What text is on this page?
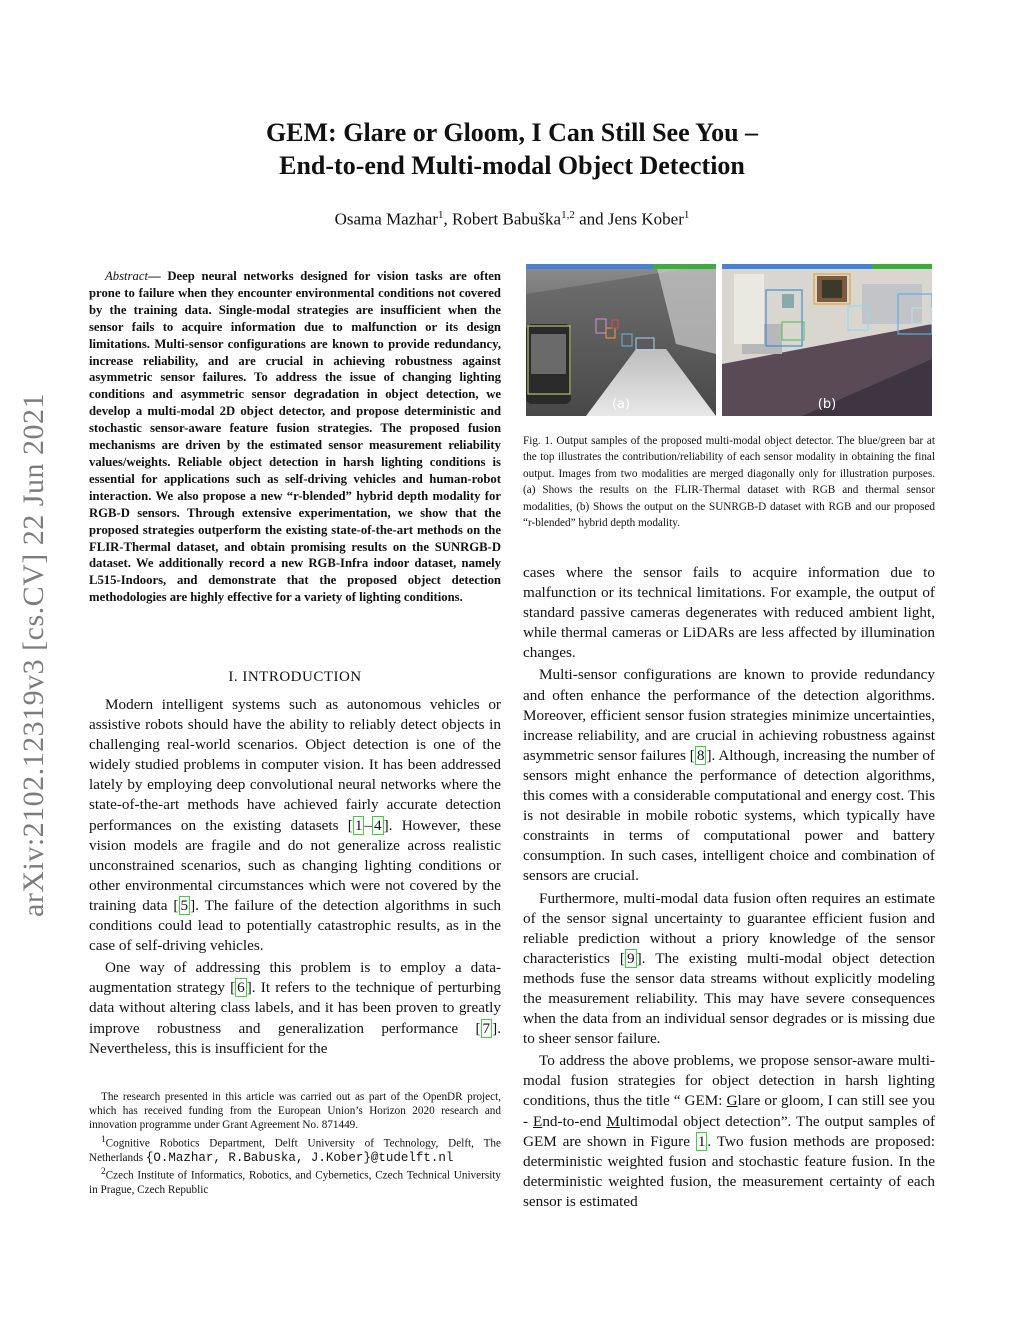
arXiv:2102.12319v3 [cs.CV] 22 Jun 2021
GEM: Glare or Gloom, I Can Still See You –
End-to-end Multi-modal Object Detection
Osama Mazhar$^1$, Robert Babuška$^{1,2}$ and Jens Kober$^1$
Abstract— Deep neural networks designed for vision tasks are often prone to failure when they encounter environmental conditions not covered by the training data. Single-modal strategies are insufficient when the sensor fails to acquire information due to malfunction or its design limitations. Multi-sensor configurations are known to provide redundancy, increase reliability, and are crucial in achieving robustness against asymmetric sensor failures. To address the issue of changing lighting conditions and asymmetric sensor degradation in object detection, we develop a multi-modal 2D object detector, and propose deterministic and stochastic sensor-aware feature fusion strategies. The proposed fusion mechanisms are driven by the estimated sensor measurement reliability values/weights. Reliable object detection in harsh lighting conditions is essential for applications such as self-driving vehicles and human-robot interaction. We also propose a new “r-blended” hybrid depth modality for RGB-D sensors. Through extensive experimentation, we show that the proposed strategies outperform the existing state-of-the-art methods on the FLIR-Thermal dataset, and obtain promising results on the SUNRGB-D dataset. We additionally record a new RGB-Infra indoor dataset, namely L515-Indoors, and demonstrate that the proposed object detection methodologies are highly effective for a variety of lighting conditions.
I. INTRODUCTION

Modern intelligent systems such as autonomous vehicles or assistive robots should have the ability to reliably detect objects in challenging real-world scenarios. Object detection is one of the widely studied problems in computer vision. It has been addressed lately by employing deep convolutional neural networks where the state-of-the-art methods have achieved fairly accurate detection performances on the existing datasets [ 1 – 4 ]. However, these vision models are fragile and do not generalize across realistic unconstrained scenarios, such as changing lighting conditions or other environmental circumstances which were not covered by the training data [ 5 ]. The failure of the detection algorithms in such conditions could lead to potentially catastrophic results, as in the case of self-driving vehicles.

One way of addressing this problem is to employ a data-augmentation strategy [ 6 ]. It refers to the technique of perturbing data without altering class labels, and it has been proven to greatly improve robustness and generalization performance [ 7 ]. Nevertheless, this is insufficient for the

The research presented in this article was carried out as part of the OpenDR project, which has received funding from the European Union’s Horizon 2020 research and innovation programme under Grant Agreement No. 871449.

$^1$Cognitive Robotics Department, Delft University of Technology, Delft, The Netherlands {O.Mazhar, R.Babuska, J.Kober}@tudelft.nl

$^2$Czech Institute of Informatics, Robotics, and Cybernetics, Czech Technical University in Prague, Czech Republic

(a)	(b)
Fig. 1. Output samples of the proposed multi-modal object detector. The blue/green bar at the top illustrates the contribution/reliability of each sensor modality in obtaining the final output. Images from two modalities are merged diagonally only for illustration purposes. (a) Shows the results on the FLIR-Thermal dataset with RGB and thermal sensor modalities, (b) Shows the output on the SUNRGB-D dataset with RGB and our proposed “r-blended” hybrid depth modality.

cases where the sensor fails to acquire information due to malfunction or its technical limitations. For example, the output of standard passive cameras degenerates with reduced ambient light, while thermal cameras or LiDARs are less affected by illumination changes.

Multi-sensor configurations are known to provide redundancy and often enhance the performance of the detection algorithms. Moreover, efficient sensor fusion strategies minimize uncertainties, increase reliability, and are crucial in achieving robustness against asymmetric sensor failures [ 8 ]. Although, increasing the number of sensors might enhance the performance of detection algorithms, this comes with a considerable computational and energy cost. This is not desirable in mobile robotic systems, which typically have constraints in terms of computational power and battery consumption. In such cases, intelligent choice and combination of sensors are crucial.

Furthermore, multi-modal data fusion often requires an estimate of the sensor signal uncertainty to guarantee efficient fusion and reliable prediction without a priory knowledge of the sensor characteristics [ 9 ]. The existing multi-modal object detection methods fuse the sensor data streams without explicitly modeling the measurement reliability. This may have severe consequences when the data from an individual sensor degrades or is missing due to sheer sensor failure.

To address the above problems, we propose sensor-aware multi-modal fusion strategies for object detection in harsh lighting conditions, thus the title “ GEM: Glare or gloom, I can still see you - End-to-end Multimodal object detection”. The output samples of GEM are shown in Figure 1 . Two fusion methods are proposed: deterministic weighted fusion and stochastic feature fusion. In the deterministic weighted fusion, the measurement certainty of each sensor is estimated
